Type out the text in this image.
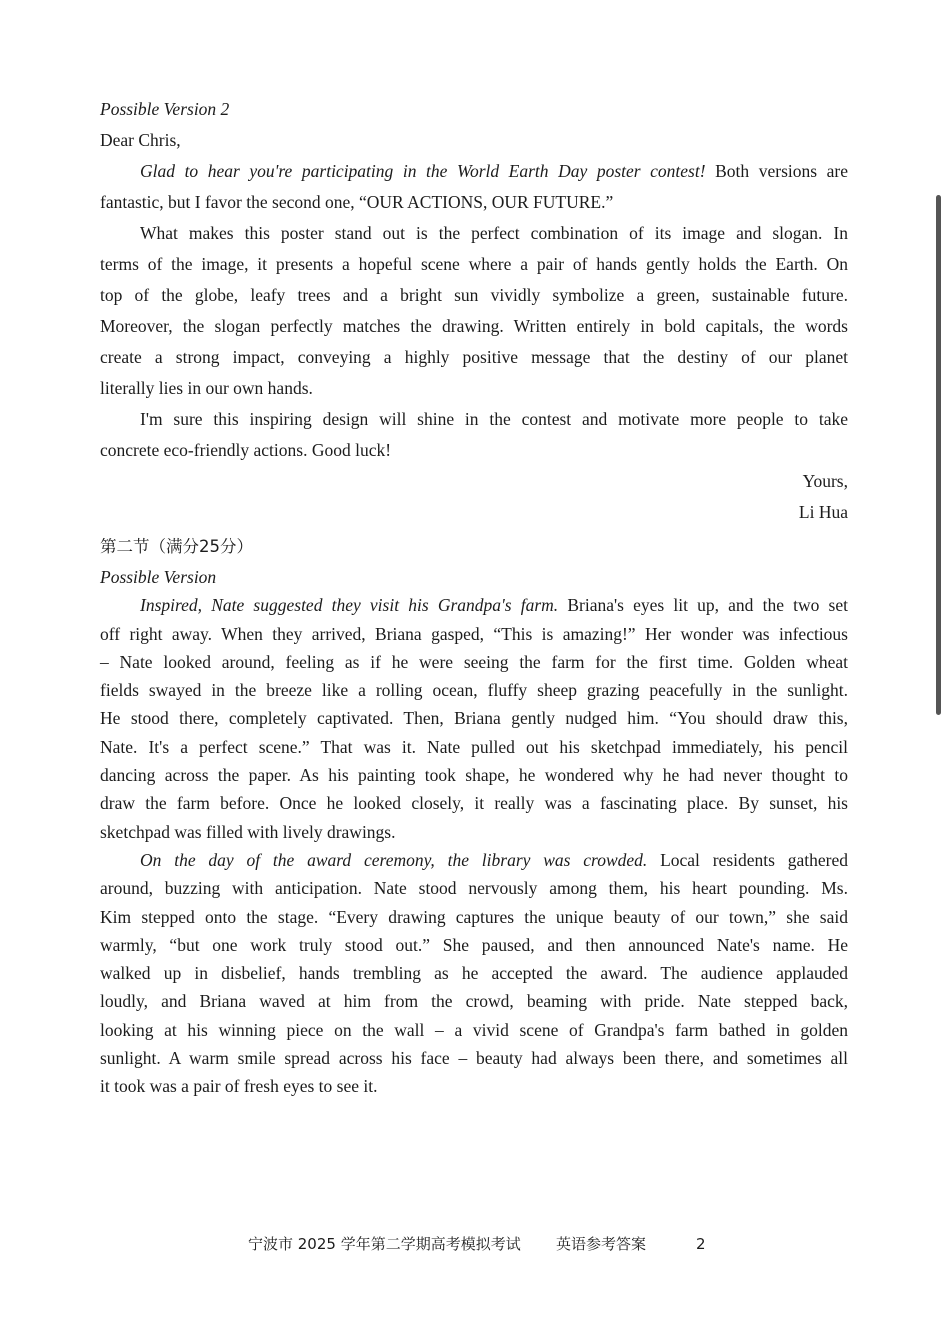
Possible Version 2
Dear Chris,
Glad to hear you're participating in the World Earth Day poster contest! Both versions are
fantastic, but I favor the second one, “OUR ACTIONS, OUR FUTURE.”
What makes this poster stand out is the perfect combination of its image and slogan. In
terms of the image, it presents a hopeful scene where a pair of hands gently holds the Earth. On
top of the globe, leafy trees and a bright sun vividly symbolize a green, sustainable future.
Moreover, the slogan perfectly matches the drawing. Written entirely in bold capitals, the words
create a strong impact, conveying a highly positive message that the destiny of our planet
literally lies in our own hands.
I'm sure this inspiring design will shine in the contest and motivate more people to take
concrete eco-friendly actions. Good luck!
Yours,
Li Hua
第二节（满分25分）
Possible Version
Inspired, Nate suggested they visit his Grandpa's farm. Briana's eyes lit up, and the two set
off right away. When they arrived, Briana gasped, “This is amazing!” Her wonder was infectious
– Nate looked around, feeling as if he were seeing the farm for the first time. Golden wheat
fields swayed in the breeze like a rolling ocean, fluffy sheep grazing peacefully in the sunlight.
He stood there, completely captivated. Then, Briana gently nudged him. “You should draw this,
Nate. It's a perfect scene.” That was it. Nate pulled out his sketchpad immediately, his pencil
dancing across the paper. As his painting took shape, he wondered why he had never thought to
draw the farm before. Once he looked closely, it really was a fascinating place. By sunset, his
sketchpad was filled with lively drawings.
On the day of the award ceremony, the library was crowded. Local residents gathered
around, buzzing with anticipation. Nate stood nervously among them, his heart pounding. Ms.
Kim stepped onto the stage. “Every drawing captures the unique beauty of our town,” she said
warmly, “but one work truly stood out.” She paused, and then announced Nate's name. He
walked up in disbelief, hands trembling as he accepted the award. The audience applauded
loudly, and Briana waved at him from the crowd, beaming with pride. Nate stepped back,
looking at his winning piece on the wall – a vivid scene of Grandpa's farm bathed in golden
sunlight. A warm smile spread across his face – beauty had always been there, and sometimes all
it took was a pair of fresh eyes to see it.
宁波市 2025 学年第二学期高考模拟考试 英语参考答案	2
